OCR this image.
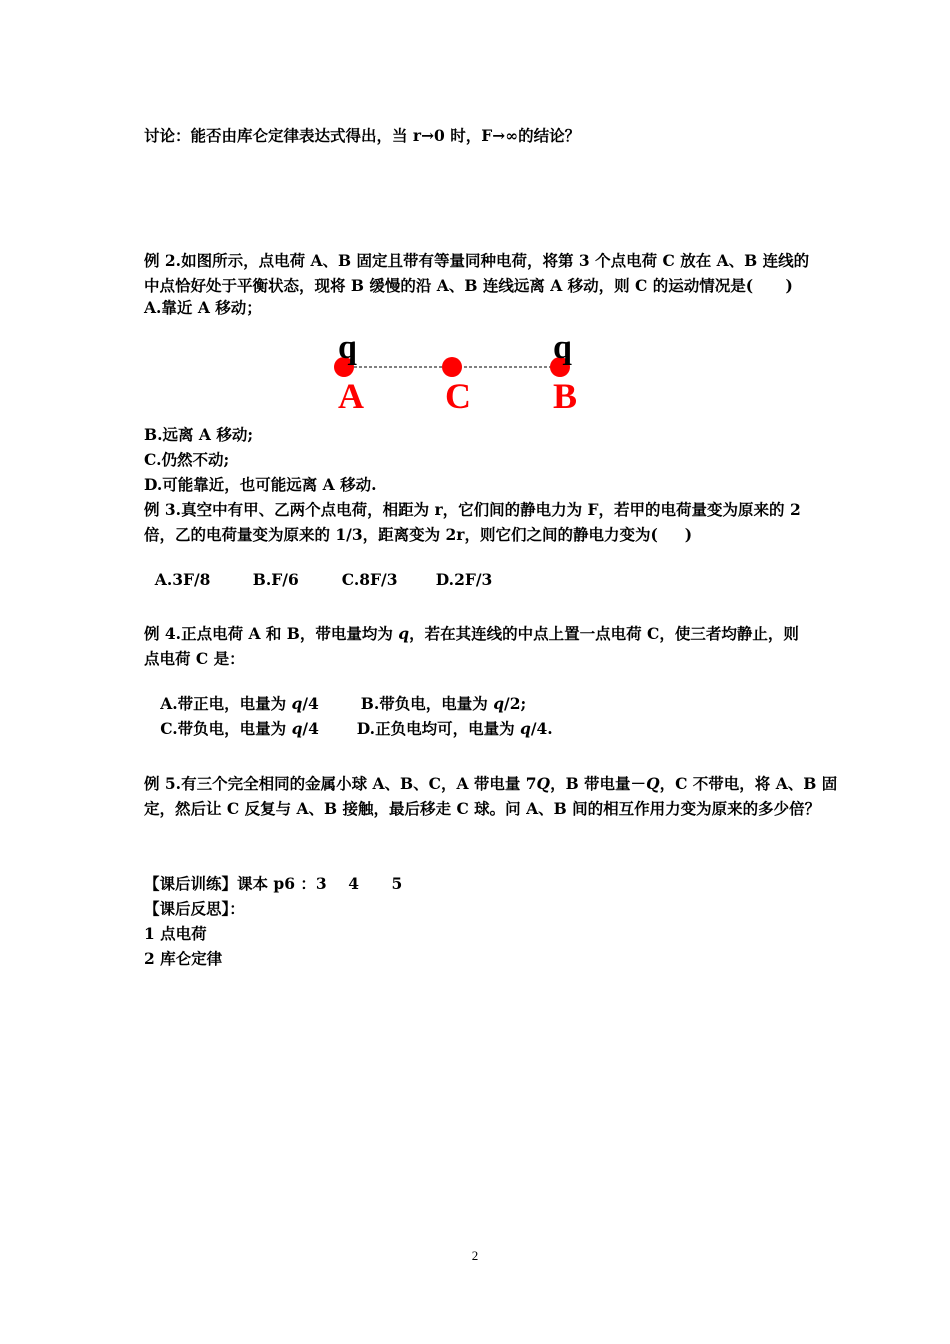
讨论：能否由库仑定律表达式得出，当 r→0 时，F→∞的结论？
例 2.如图所示，点电荷 A、B 固定且带有等量同种电荷，将第 3 个点电荷 C 放在 A、B 连线的
中点恰好处于平衡状态，现将 B 缓慢的沿 A、B 连线远离 A 移动，则 C 的运动情况是(      )
A.靠近 A 移动；
q	q
A C B
B.远离 A 移动;
C.仍然不动;
D.可能靠近，也可能远离 A 移动.
例 3.真空中有甲、乙两个点电荷，相距为 r，它们间的静电力为 F，若甲的电荷量变为原来的 2
倍，乙的电荷量变为原来的 1/3，距离变为 2r，则它们之间的静电力变为(     )

A.3F/8	B.F/6	C.8F/3 D.2F/3

例 4.正点电荷 A 和 B，带电量均为 q，若在其连线的中点上置一点电荷 C，使三者均静止，则
点电荷 C 是：

A.带正电，电量为 q/4	B.带负电，电量为 q/2;

C.带负电，电量为 q/4 D.正负电均可，电量为 q/4.

例 5.有三个完全相同的金属小球 A、B、C，A 带电量 7Q，B 带电量－Q，C 不带电，将 A、B 固
定，然后让 C 反复与 A、B 接触，最后移走 C 球。问 A、B 间的相互作用力变为原来的多少倍？
【课后训练】课本 p6 ：3    4      5
【课后反思】：
1 点电荷
2 库仑定律
2
